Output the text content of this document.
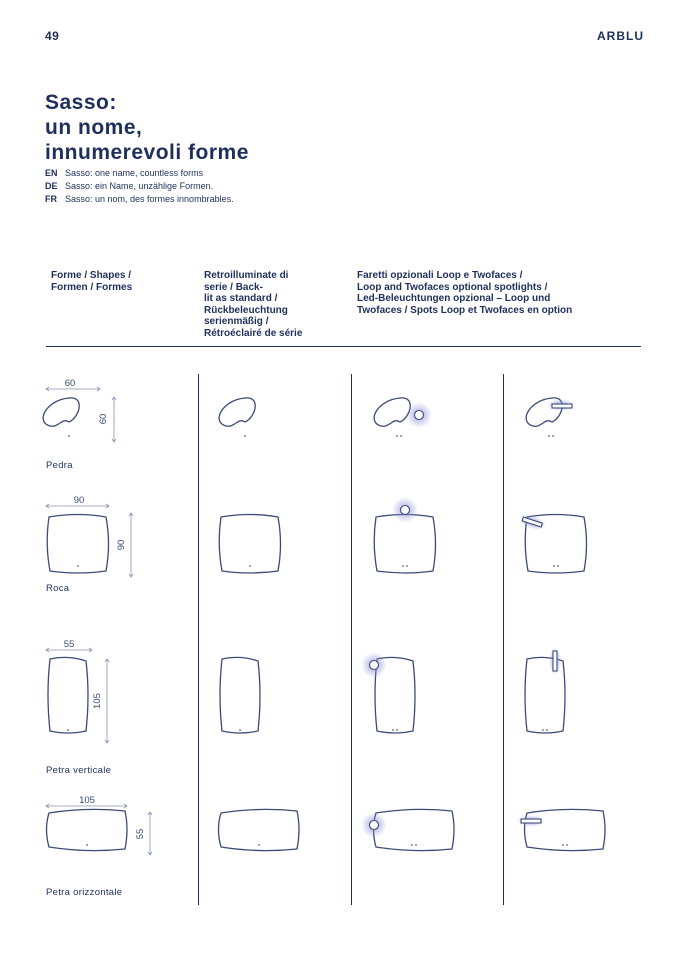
49	ARBLU
Sasso:
un nome,
innumerevoli forme
EN Sasso: one name, countless forms
DE Sasso: ein Name, unzählige Formen.
FR Sasso: un nom, des formes innombrables.
Forme / Shapes /
Formen / Formes
Retroilluminate di
serie / Back-
lit as standard /
Rückbeleuchtung
serienmäßig /
Rétroéclairé de série
Faretti opzionali Loop e Twofaces /
Loop and Twofaces optional spotlights /
Led-Beleuchtungen opzional – Loop und
Twofaces / Spots Loop et Twofaces en option
Pedra
Roca
Petra verticale
Petra orizzontale
60
60
90
90
55
105
105
55
